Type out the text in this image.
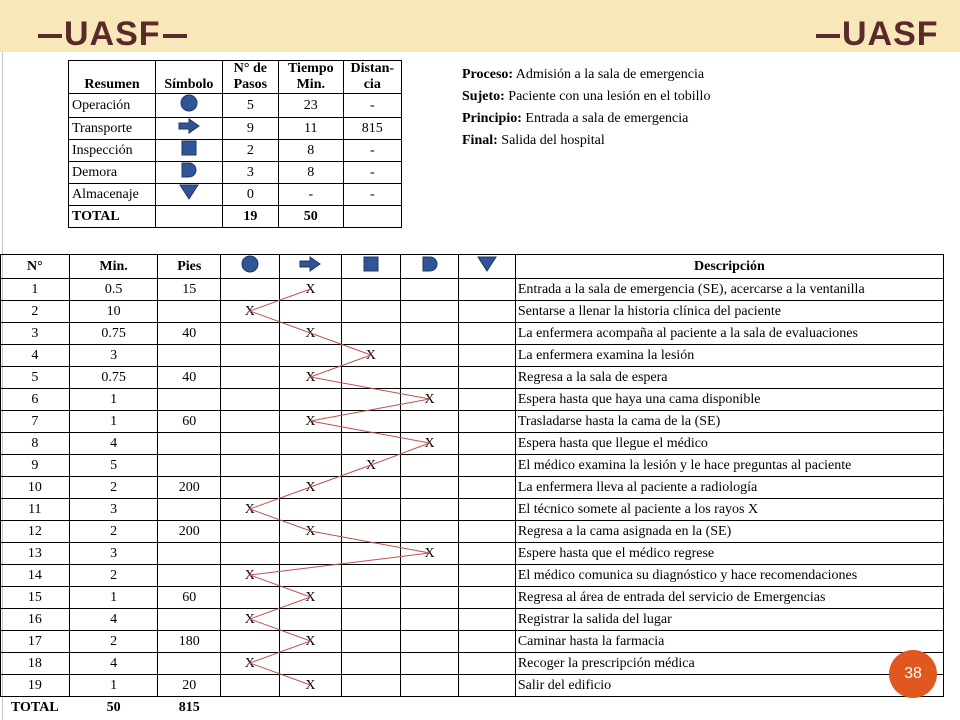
UASF	UASF
Resumen	Símbolo	N° de Pasos	Tiempo Min.	Distan- cia
Operación		5	23	-
Transporte		9	11	815
Inspección		2	8	-
Demora		3	8	-
Almacenaje		0	-	-
TOTAL		19	50	
Proceso: Admisión a la sala de emergencia
Sujeto: Paciente con una lesión en el tobillo
Principio: Entrada a sala de emergencia
Final: Salida del hospital
N°	Min.	Pies						Descripción
1	0.5	15		X				Entrada a la sala de emergencia (SE), acercarse a la ventanilla
2	10		X					Sentarse a llenar la historia clínica del paciente
3	0.75	40		X				La enfermera acompaña al paciente a la sala de evaluaciones
4	3				X			La enfermera examina la lesión
5	0.75	40		X				Regresa a la sala de espera
6	1					X		Espera hasta que haya una cama disponible
7	1	60		X				Trasladarse hasta la cama de la (SE)
8	4					X		Espera hasta que llegue el médico
9	5				X			El médico examina la lesión y le hace preguntas al paciente
10	2	200		X				La enfermera lleva al paciente a radiología
11	3		X					El técnico somete al paciente a los rayos X
12	2	200		X				Regresa a la cama asignada en la (SE)
13	3					X		Espere hasta que el médico regrese
14	2		X					El médico comunica su diagnóstico y hace recomendaciones
15	1	60		X				Regresa al área de entrada del servicio de Emergencias
16	4		X					Registrar la salida del lugar
17	2	180		X				Caminar hasta la farmacia
18	4		X					Recoger la prescripción médica
19	1	20		X				Salir del edificio
TOTAL	50	815						
38
